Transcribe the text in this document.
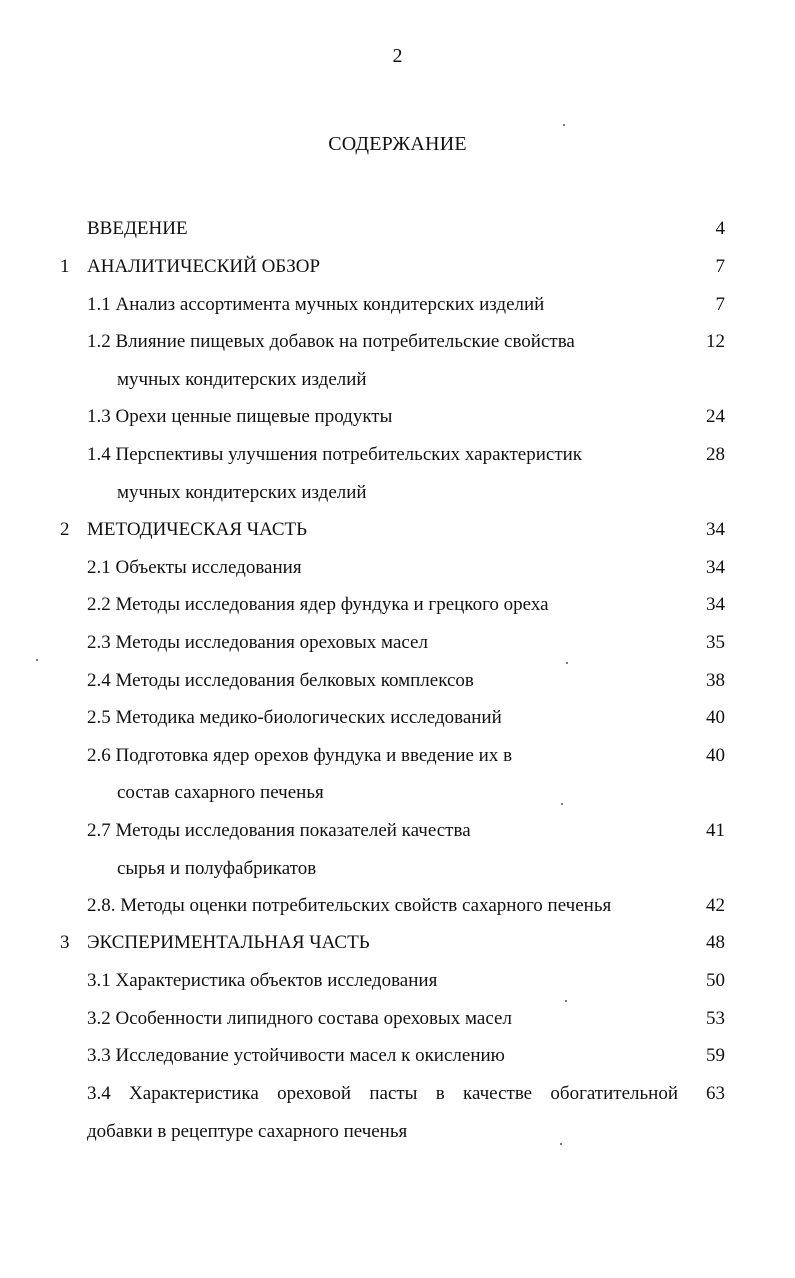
2
СОДЕРЖАНИЕ
ВВЕДЕНИЕ	4
1 АНАЛИТИЧЕСКИЙ ОБЗОР	7
1.1 Анализ ассортимента мучных кондитерских изделий	7
1.2 Влияние пищевых добавок на потребительские свойства	12
мучных кондитерских изделий
1.3 Орехи ценные пищевые продукты	24
1.4 Перспективы улучшения потребительских характеристик	28
мучных кондитерских изделий
2 МЕТОДИЧЕСКАЯ ЧАСТЬ	34
2.1 Объекты исследования	34
2.2 Методы исследования ядер фундука и грецкого ореха	34
2.3 Методы исследования ореховых масел	35
2.4 Методы исследования белковых комплексов	38
2.5 Методика медико-биологических исследований	40
2.6 Подготовка ядер орехов фундука и введение их в	40
состав сахарного печенья
2.7 Методы исследования показателей качества	41
сырья и полуфабрикатов
2.8. Методы оценки потребительских свойств сахарного печенья	42
3 ЭКСПЕРИМЕНТАЛЬНАЯ ЧАСТЬ	48
3.1 Характеристика объектов исследования	50
3.2 Особенности липидного состава ореховых масел	53
3.3 Исследование устойчивости масел к окислению	59
3.4 Характеристика ореховой пасты в качестве обогатительной 63
добавки в рецептуре сахарного печенья
